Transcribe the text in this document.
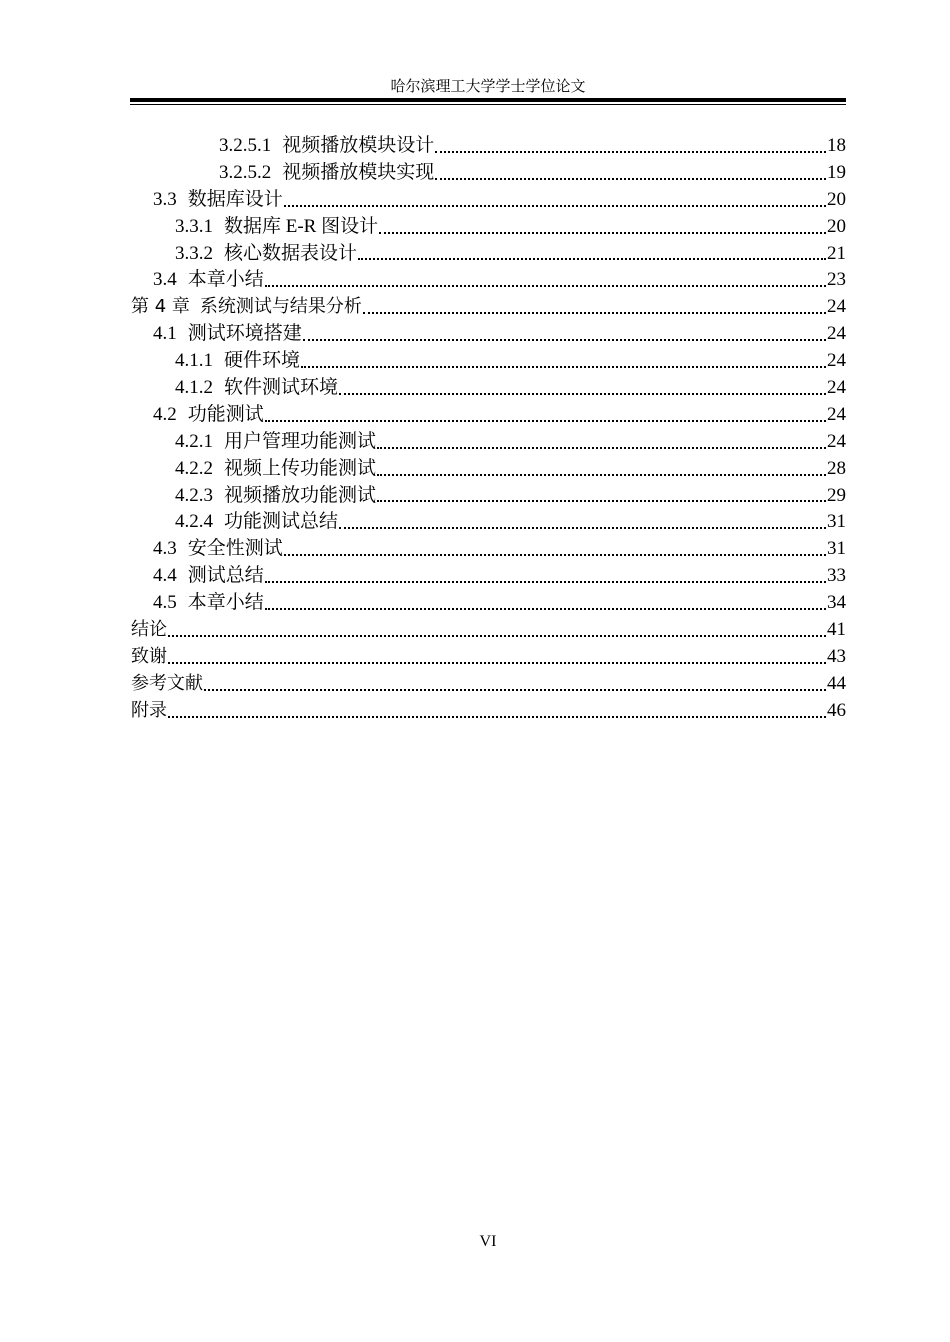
哈尔滨理工大学学士学位论文
3.2.5.1 视频播放模块设计	18
3.2.5.2 视频播放模块实现	19
3.3 数据库设计	20
3.3.1 数据库 E-R 图设计	20
3.3.2 核心数据表设计	21
3.4 本章小结	23
第 4 章 系统测试与结果分析	24
4.1 测试环境搭建	24
4.1.1 硬件环境	24
4.1.2 软件测试环境	24
4.2 功能测试	24
4.2.1 用户管理功能测试	24
4.2.2 视频上传功能测试	28
4.2.3 视频播放功能测试	29
4.2.4 功能测试总结	31
4.3 安全性测试	31
4.4 测试总结	33
4.5 本章小结	34
结论	41
致谢	43
参考文献	44
附录	46
VI
